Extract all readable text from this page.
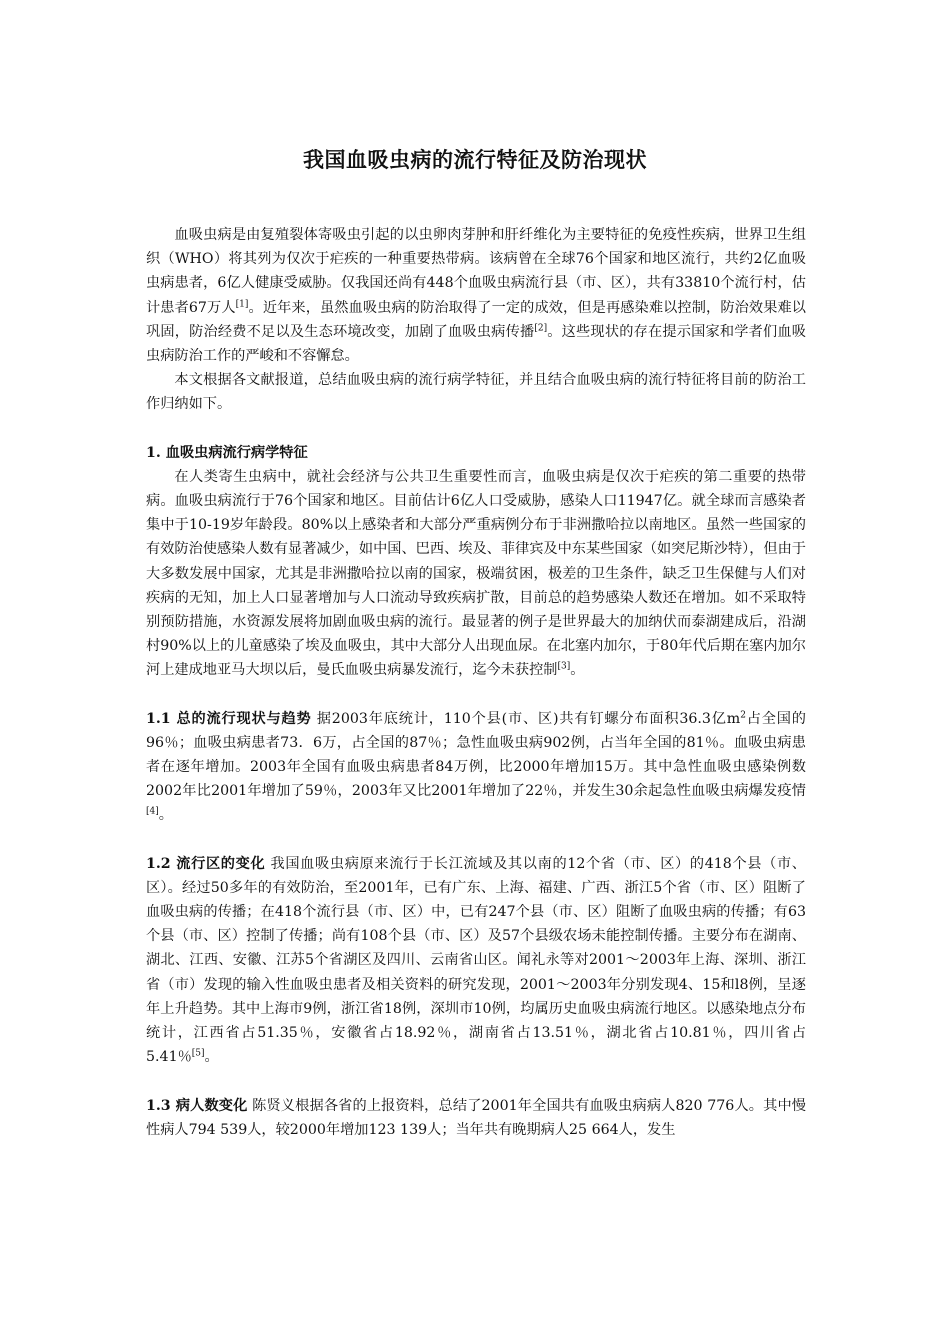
我国血吸虫病的流行特征及防治现状

血吸虫病是由复殖裂体寄吸虫引起的以虫卵肉芽肿和肝纤维化为主要特征的免疫性疾病，世界卫生组织（WHO）将其列为仅次于疟疾的一种重要热带病。该病曾在全球76个国家和地区流行，共约2亿血吸虫病患者，6亿人健康受威胁。仅我国还尚有448个血吸虫病流行县（市、区），共有33810个流行村，估计患者67万人[1]。近年来，虽然血吸虫病的防治取得了一定的成效，但是再感染难以控制，防治效果难以巩固，防治经费不足以及生态环境改变，加剧了血吸虫病传播[2]。这些现状的存在提示国家和学者们血吸虫病防治工作的严峻和不容懈怠。

本文根据各文献报道，总结血吸虫病的流行病学特征，并且结合血吸虫病的流行特征将目前的防治工作归纳如下。

1. 血吸虫病流行病学特征

在人类寄生虫病中，就社会经济与公共卫生重要性而言，血吸虫病是仅次于疟疾的第二重要的热带病。血吸虫病流行于76个国家和地区。目前估计6亿人口受威胁，感染人口11947亿。就全球而言感染者集中于10-19岁年龄段。80%以上感染者和大部分严重病例分布于非洲撒哈拉以南地区。虽然一些国家的有效防治使感染人数有显著减少，如中国、巴西、埃及、菲律宾及中东某些国家（如突尼斯沙特），但由于大多数发展中国家，尤其是非洲撒哈拉以南的国家，极端贫困，极差的卫生条件，缺乏卫生保健与人们对疾病的无知，加上人口显著增加与人口流动导致疾病扩散，目前总的趋势感染人数还在增加。如不采取特别预防措施，水资源发展将加剧血吸虫病的流行。最显著的例子是世界最大的加纳伏而泰湖建成后，沿湖村90%以上的儿童感染了埃及血吸虫，其中大部分人出现血尿。在北塞内加尔，于80年代后期在塞内加尔河上建成地亚马大坝以后，曼氏血吸虫病暴发流行，迄今未获控制[3]。

1.1 总的流行现状与趋势 据2003年底统计，110个县(市、区)共有钉螺分布面积36.3亿$m^2$占全国的96％；血吸虫病患者73．6万，占全国的87％；急性血吸虫病902例，占当年全国的81％。血吸虫病患者在逐年增加。2003年全国有血吸虫病患者84万例，比2000年增加15万。其中急性血吸虫感染例数2002年比2001年增加了59％，2003年又比2001年增加了22％，并发生30余起急性血吸虫病爆发疫情[4]。

1.2 流行区的变化 我国血吸虫病原来流行于长江流域及其以南的12个省（市、区）的418个县（市、区）。经过50多年的有效防治，至2001年，已有广东、上海、福建、广西、浙江5个省（市、区）阻断了血吸虫病的传播；在418个流行县（市、区）中，已有247个县（市、区）阻断了血吸虫病的传播；有63个县（市、区）控制了传播；尚有108个县（市、区）及57个县级农场未能控制传播。主要分布在湖南、湖北、江西、安徽、江苏5个省湖区及四川、云南省山区。闻礼永等对2001～2003年上海、深圳、浙江省（市）发现的输入性血吸虫患者及相关资料的研究发现，2001～2003年分别发现4、15和l8例，呈逐年上升趋势。其中上海市9例，浙江省18例，深圳市10例，均属历史血吸虫病流行地区。以感染地点分布统计，江西省占51.35％，安徽省占18.92％，湖南省占13.51％，湖北省占10.81％，四川省占5.41％[5]。

1.3 病人数变化 陈贤义根据各省的上报资料，总结了2001年全国共有血吸虫病病人820 776人。其中慢性病人794 539人，较2000年增加123 139人；当年共有晚期病人25 664人，发生
